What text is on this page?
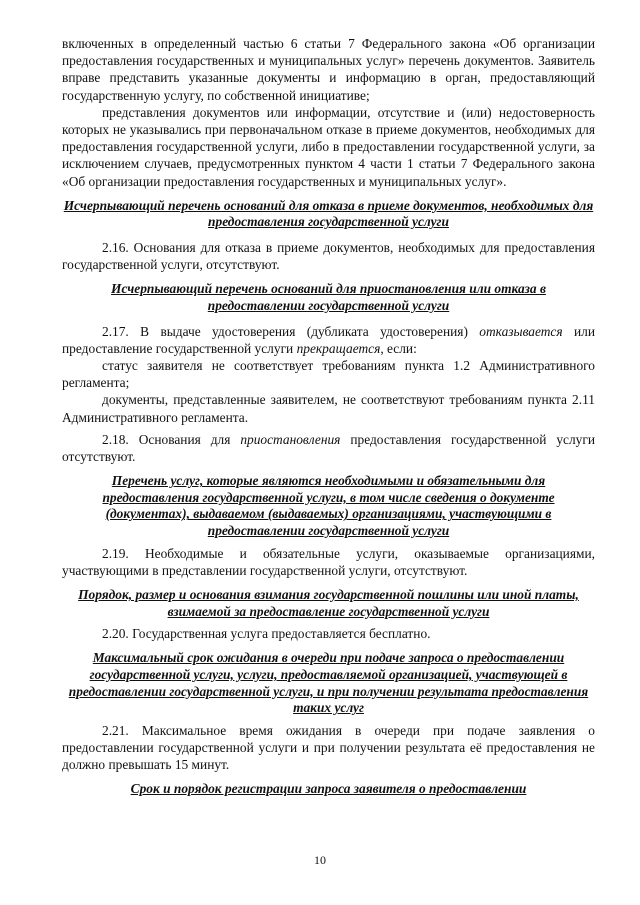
включенных в определенный частью 6 статьи 7 Федерального закона «Об организации предоставления государственных и муниципальных услуг» перечень документов. Заявитель вправе представить указанные документы и информацию в орган, предоставляющий государственную услугу, по собственной инициативе;

представления документов или информации, отсутствие и (или) недостоверность которых не указывались при первоначальном отказе в приеме документов, необходимых для предоставления государственной услуги, либо в предоставлении государственной услуги, за исключением случаев, предусмотренных пунктом 4 части 1 статьи 7 Федерального закона «Об организации предоставления государственных и муниципальных услуг».

Исчерпывающий перечень оснований для отказа в приеме документов, необходимых для предоставления государственной услуги

2.16. Основания для отказа в приеме документов, необходимых для предоставления государственной услуги, отсутствуют.

Исчерпывающий перечень оснований для приостановления или отказа в предоставлении государственной услуги

2.17. В выдаче удостоверения (дубликата удостоверения) отказывается или предоставление государственной услуги прекращается, если:

статус заявителя не соответствует требованиям пункта 1.2 Административного регламента;

документы, представленные заявителем, не соответствуют требованиям пункта 2.11 Административного регламента.

2.18. Основания для приостановления предоставления государственной услуги отсутствуют.

Перечень услуг, которые являются необходимыми и обязательными для предоставления государственной услуги, в том числе сведения о документе (документах), выдаваемом (выдаваемых) организациями, участвующими в предоставлении государственной услуги

2.19. Необходимые и обязательные услуги, оказываемые организациями, участвующими в представлении государственной услуги, отсутствуют.

Порядок, размер и основания взимания государственной пошлины или иной платы, взимаемой за предоставление государственной услуги

2.20. Государственная услуга предоставляется бесплатно.

Максимальный срок ожидания в очереди при подаче запроса о предоставлении государственной услуги, услуги, предоставляемой организацией, участвующей в предоставлении государственной услуги, и при получении результата предоставления таких услуг

2.21. Максимальное время ожидания в очереди при подаче заявления о предоставлении государственной услуги и при получении результата её предоставления не должно превышать 15 минут.

Срок и порядок регистрации запроса заявителя о предоставлении

10
